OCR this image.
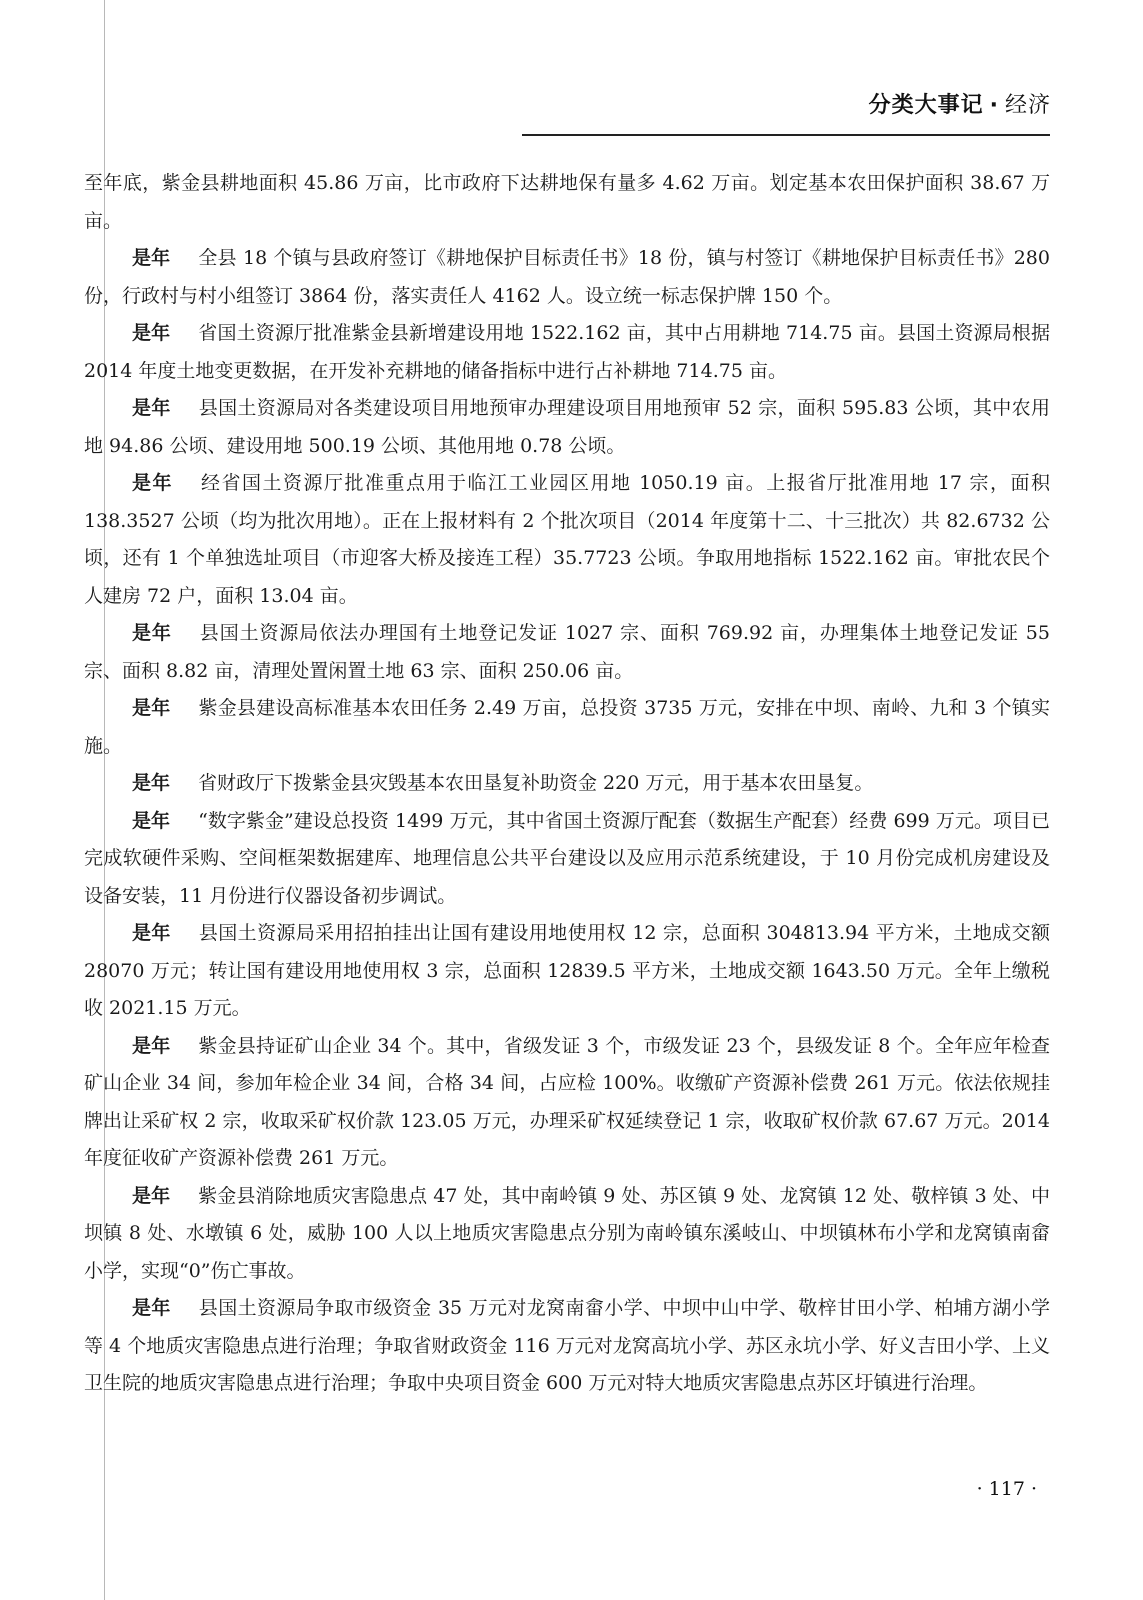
分类大事记 · 经济

至年底，紫金县耕地面积 45.86 万亩，比市政府下达耕地保有量多 4.62 万亩。划定基本农田保护面积 38.67 万亩。

是年 全县 18 个镇与县政府签订《耕地保护目标责任书》18 份，镇与村签订《耕地保护目标责任书》280 份，行政村与村小组签订 3864 份，落实责任人 4162 人。设立统一标志保护牌 150 个。

是年 省国土资源厅批准紫金县新增建设用地 1522.162 亩，其中占用耕地 714.75 亩。县国土资源局根据 2014 年度土地变更数据，在开发补充耕地的储备指标中进行占补耕地 714.75 亩。

是年 县国土资源局对各类建设项目用地预审办理建设项目用地预审 52 宗，面积 595.83 公顷，其中农用地 94.86 公顷、建设用地 500.19 公顷、其他用地 0.78 公顷。

是年 经省国土资源厅批准重点用于临江工业园区用地 1050.19 亩。上报省厅批准用地 17 宗，面积 138.3527 公顷（均为批次用地）。正在上报材料有 2 个批次项目（2014 年度第十二、十三批次）共 82.6732 公顷，还有 1 个单独选址项目（市迎客大桥及接连工程）35.7723 公顷。争取用地指标 1522.162 亩。审批农民个人建房 72 户，面积 13.04 亩。

是年 县国土资源局依法办理国有土地登记发证 1027 宗、面积 769.92 亩，办理集体土地登记发证 55 宗、面积 8.82 亩，清理处置闲置土地 63 宗、面积 250.06 亩。

是年 紫金县建设高标准基本农田任务 2.49 万亩，总投资 3735 万元，安排在中坝、南岭、九和 3 个镇实施。

是年 省财政厅下拨紫金县灾毁基本农田垦复补助资金 220 万元，用于基本农田垦复。

是年 “数字紫金”建设总投资 1499 万元，其中省国土资源厅配套（数据生产配套）经费 699 万元。项目已完成软硬件采购、空间框架数据建库、地理信息公共平台建设以及应用示范系统建设，于 10 月份完成机房建设及设备安装，11 月份进行仪器设备初步调试。

是年 县国土资源局采用招拍挂出让国有建设用地使用权 12 宗，总面积 304813.94 平方米，土地成交额 28070 万元；转让国有建设用地使用权 3 宗，总面积 12839.5 平方米，土地成交额 1643.50 万元。全年上缴税收 2021.15 万元。

是年 紫金县持证矿山企业 34 个。其中，省级发证 3 个，市级发证 23 个，县级发证 8 个。全年应年检查矿山企业 34 间，参加年检企业 34 间，合格 34 间，占应检 100%。收缴矿产资源补偿费 261 万元。依法依规挂牌出让采矿权 2 宗，收取采矿权价款 123.05 万元，办理采矿权延续登记 1 宗，收取矿权价款 67.67 万元。2014 年度征收矿产资源补偿费 261 万元。

是年 紫金县消除地质灾害隐患点 47 处，其中南岭镇 9 处、苏区镇 9 处、龙窝镇 12 处、敬梓镇 3 处、中坝镇 8 处、水墩镇 6 处，威胁 100 人以上地质灾害隐患点分别为南岭镇东溪岐山、中坝镇林布小学和龙窝镇南畲小学，实现“0”伤亡事故。

是年 县国土资源局争取市级资金 35 万元对龙窝南畲小学、中坝中山中学、敬梓甘田小学、柏埔方湖小学等 4 个地质灾害隐患点进行治理；争取省财政资金 116 万元对龙窝高坑小学、苏区永坑小学、好义吉田小学、上义卫生院的地质灾害隐患点进行治理；争取中央项目资金 600 万元对特大地质灾害隐患点苏区圩镇进行治理。

· 117 ·
